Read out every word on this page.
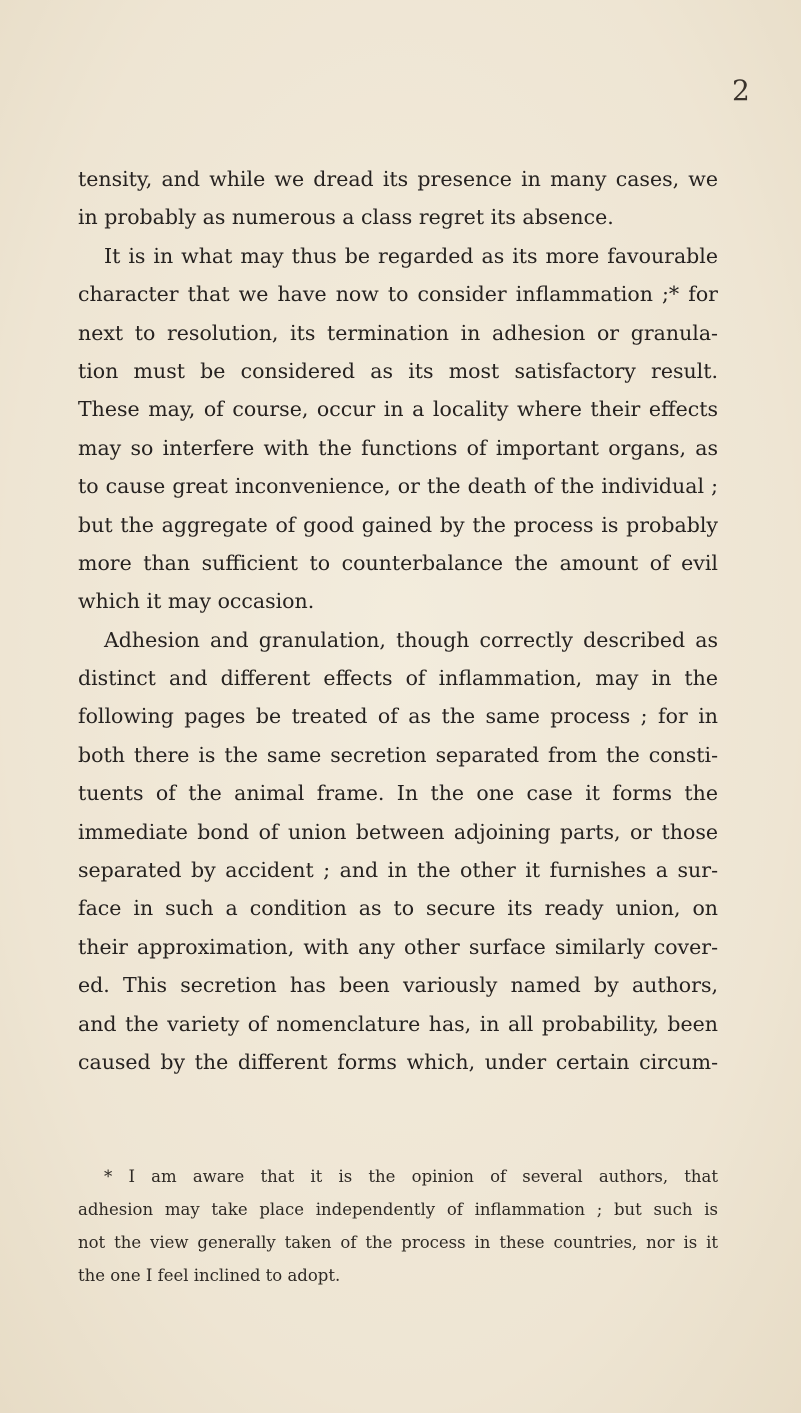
2
tensity, and while we dread its presence in many cases, we
in probably as numerous a class regret its absence.
It is in what may thus be regarded as its more favourable
character that we have now to consider inflammation ;* for
next to resolution, its termination in adhesion or granula-
tion must be considered as its most satisfactory result.
These may, of course, occur in a locality where their effects
may so interfere with the functions of important organs, as
to cause great inconvenience, or the death of the individual ;
but the aggregate of good gained by the process is probably
more than sufficient to counterbalance the amount of evil
which it may occasion.
Adhesion and granulation, though correctly described as
distinct and different effects of inflammation, may in the
following pages be treated of as the same process ; for in
both there is the same secretion separated from the consti-
tuents of the animal frame. In the one case it forms the
immediate bond of union between adjoining parts, or those
separated by accident ; and in the other it furnishes a sur-
face in such a condition as to secure its ready union, on
their approximation, with any other surface similarly cover-
ed. This secretion has been variously named by authors,
and the variety of nomenclature has, in all probability, been
caused by the different forms which, under certain circum-
* I am aware that it is the opinion of several authors, that
adhesion may take place independently of inflammation ; but such is
not the view generally taken of the process in these countries, nor is it
the one I feel inclined to adopt.
